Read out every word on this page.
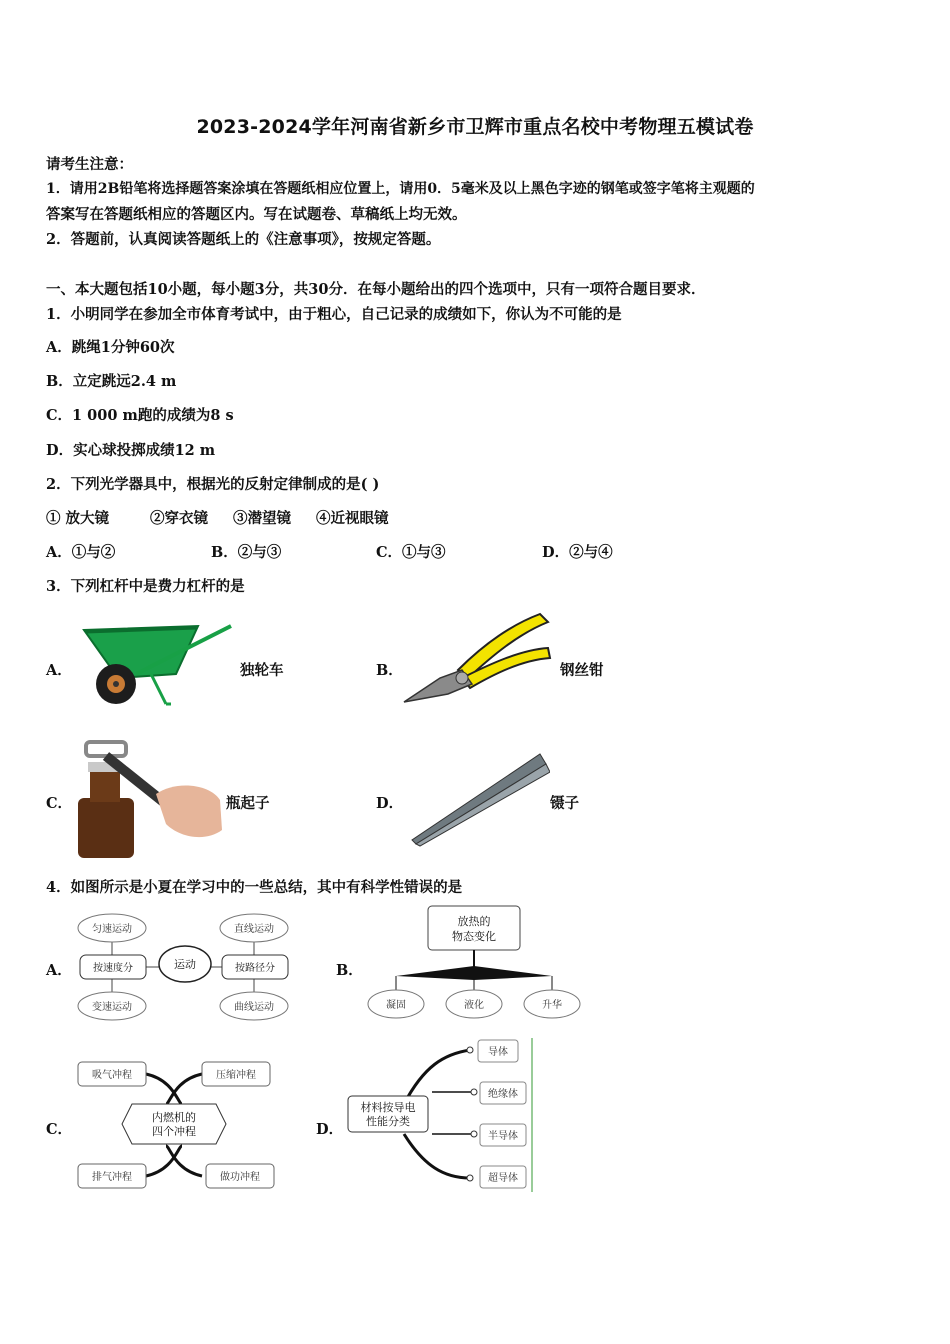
2023-2024学年河南省新乡市卫辉市重点名校中考物理五模试卷
请考生注意：
1．请用2B铅笔将选择题答案涂填在答题纸相应位置上，请用0．5毫米及以上黑色字迹的钢笔或签字笔将主观题的
答案写在答题纸相应的答题区内。写在试题卷、草稿纸上均无效。
2．答题前，认真阅读答题纸上的《注意事项》，按规定答题。
一、本大题包括10小题，每小题3分，共30分．在每小题给出的四个选项中，只有一项符合题目要求．
1．小明同学在参加全市体育考试中，由于粗心，自己记录的成绩如下，你认为不可能的是
A．跳绳1分钟60次
B．立定跳远2.4 m
C．1 000 m跑的成绩为8 s
D．实心球投掷成绩12 m
2．下列光学器具中，根据光的反射定律制成的是( )
① 放大镜	②穿衣镜 ③潜望镜 ④近视眼镜
A．①与②	B．②与③	C．①与③	D．②与④
3．下列杠杆中是费力杠杆的是
A．	独轮车	B．	钢丝钳
C．	瓶起子	D．	镊子
4．如图所示是小夏在学习中的一些总结，其中有科学性错误的是
A．
匀速运动
变速运动
直线运动
曲线运动
按速度分	按路径分
运动	B．
放热的
物态变化
凝固	液化	升华
C．
吸气冲程	压缩冲程
排气冲程	做功冲程
内燃机的
四个冲程	D．
材料按导电
性能分类
导体
绝缘体
半导体
超导体
